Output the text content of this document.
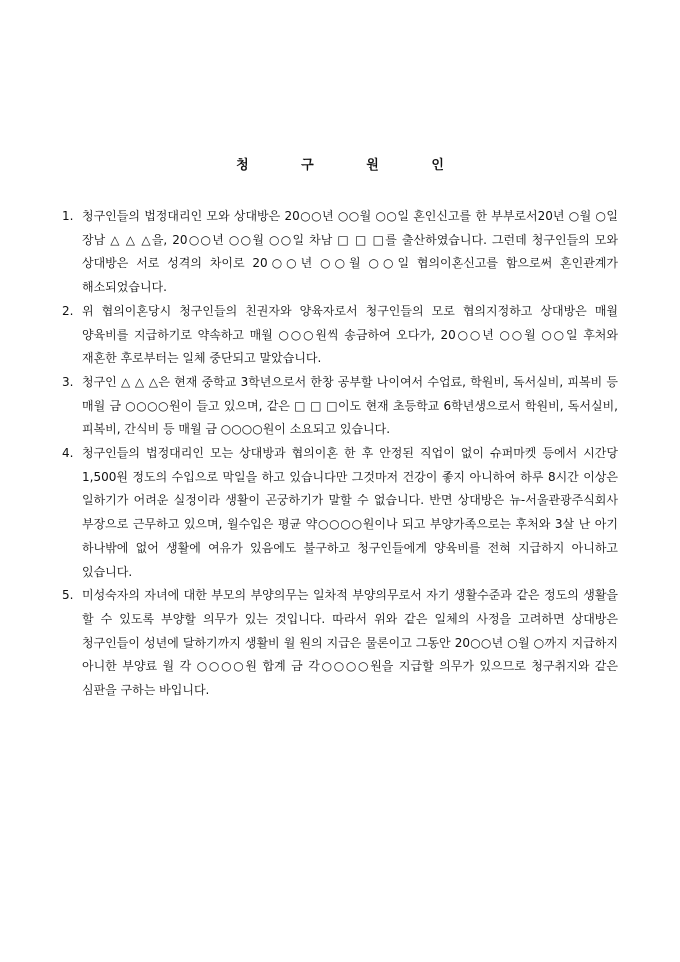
청 구 원 인
1. 청구인들의 법정대리인 모와 상대방은 20○○년 ○○월 ○○일 혼인신고를 한 부부로서20년 ○월 ○일 장남 △ △ △을, 20○○년 ○○월 ○○일 차남 □ □ □를 출산하였습니다. 그런데 청구인들의 모와 상대방은 서로 성격의 차이로 20○○년 ○○월 ○○일 협의이혼신고를 함으로써 혼인관계가 해소되었습니다.
2. 위 협의이혼당시 청구인들의 친권자와 양육자로서 청구인들의 모로 협의지정하고 상대방은 매월 양육비를 지급하기로 약속하고 매월 ○○○원씩 송금하여 오다가, 20○○년 ○○월 ○○일 후처와 재혼한 후로부터는 일체 중단되고 말았습니다.
3. 청구인 △ △ △은 현재 중학교 3학년으로서 한창 공부할 나이여서 수업료, 학원비, 독서실비, 피복비 등 매월 금 ○○○○원이 들고 있으며, 같은 □ □ □이도 현재 초등학교 6학년생으로서 학원비, 독서실비, 피복비, 간식비 등 매월 금 ○○○○원이 소요되고 있습니다.
4. 청구인들의 법정대리인 모는 상대방과 협의이혼 한 후 안정된 직업이 없이 슈퍼마켓 등에서 시간당 1,500원 정도의 수입으로 막일을 하고 있습니다만 그것마저 건강이 좋지 아니하여 하루 8시간 이상은 일하기가 어려운 실정이라 생활이 곤궁하기가 말할 수 없습니다. 반면 상대방은 뉴-서울관광주식회사 부장으로 근무하고 있으며, 월수입은 평균 약○○○○원이나 되고 부양가족으로는 후처와 3살 난 아기 하나밖에 없어 생활에 여유가 있음에도 불구하고 청구인들에게 양육비를 전혀 지급하지 아니하고 있습니다.
5. 미성숙자의 자녀에 대한 부모의 부양의무는 일차적 부양의무로서 자기 생활수준과 같은 정도의 생활을 할 수 있도록 부양할 의무가 있는 것입니다. 따라서 위와 같은 일체의 사정을 고려하면 상대방은 청구인들이 성년에 달하기까지 생활비 월 원의 지급은 물론이고 그동안 20○○년 ○월 ○까지 지급하지 아니한 부양료 월 각 ○○○○원 합계 금 각○○○○원을 지급할 의무가 있으므로 청구취지와 같은 심판을 구하는 바입니다.
